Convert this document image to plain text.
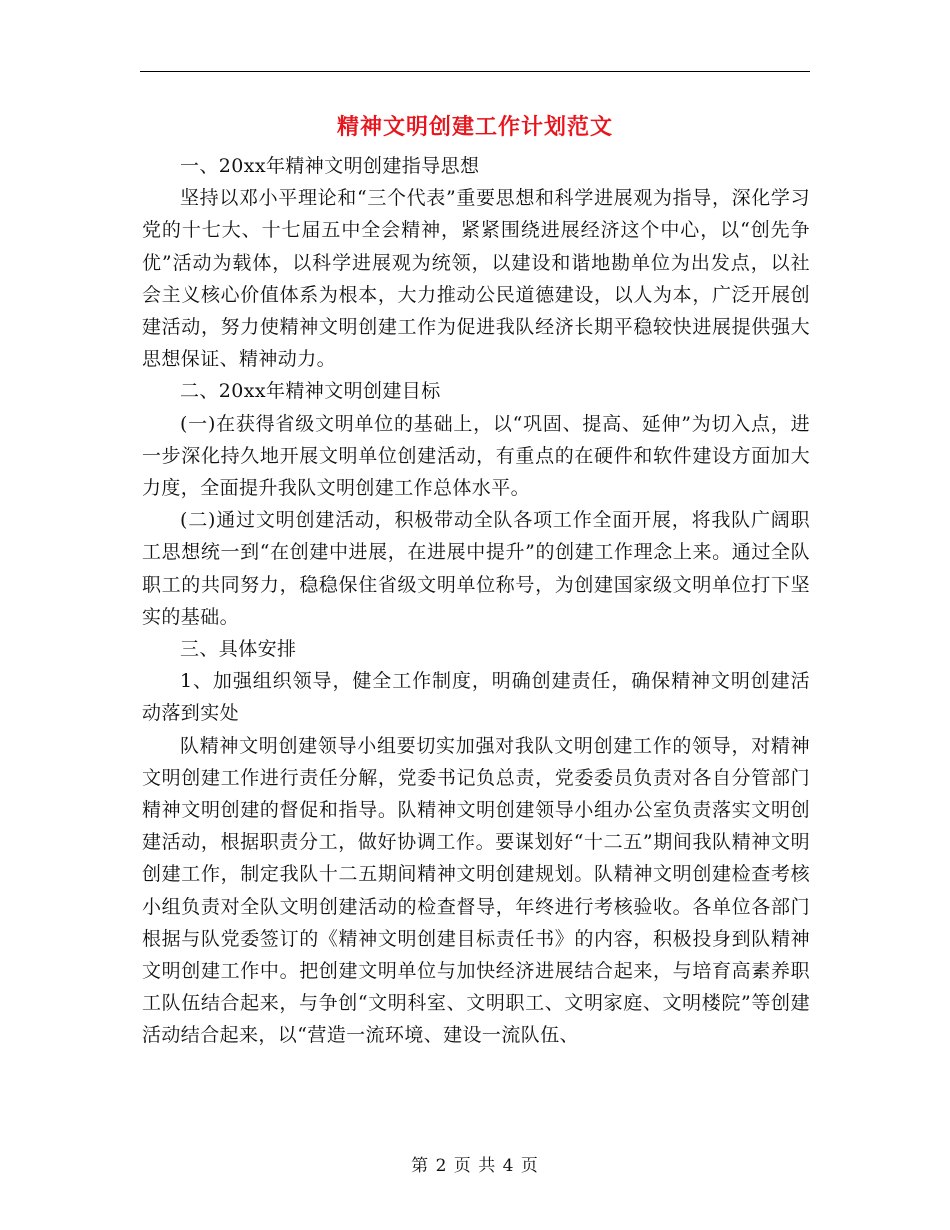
精神文明创建工作计划范文

一、20xx年精神文明创建指导思想

坚持以邓小平理论和“三个代表”重要思想和科学进展观为指导，深化学习党的十七大、十七届五中全会精神，紧紧围绕进展经济这个中心，以“创先争优”活动为载体，以科学进展观为统领，以建设和谐地勘单位为出发点，以社会主义核心价值体系为根本，大力推动公民道德建设，以人为本，广泛开展创建活动，努力使精神文明创建工作为促进我队经济长期平稳较快进展提供强大思想保证、精神动力。

二、20xx年精神文明创建目标

(一)在获得省级文明单位的基础上，以“巩固、提高、延伸”为切入点，进一步深化持久地开展文明单位创建活动，有重点的在硬件和软件建设方面加大力度，全面提升我队文明创建工作总体水平。

(二)通过文明创建活动，积极带动全队各项工作全面开展，将我队广阔职工思想统一到“在创建中进展，在进展中提升”的创建工作理念上来。通过全队职工的共同努力，稳稳保住省级文明单位称号，为创建国家级文明单位打下坚实的基础。

三、具体安排

1、加强组织领导，健全工作制度，明确创建责任，确保精神文明创建活动落到实处

队精神文明创建领导小组要切实加强对我队文明创建工作的领导，对精神文明创建工作进行责任分解，党委书记负总责，党委委员负责对各自分管部门精神文明创建的督促和指导。队精神文明创建领导小组办公室负责落实文明创建活动，根据职责分工，做好协调工作。要谋划好“十二五”期间我队精神文明创建工作，制定我队十二五期间精神文明创建规划。队精神文明创建检查考核小组负责对全队文明创建活动的检查督导，年终进行考核验收。各单位各部门根据与队党委签订的《精神文明创建目标责任书》的内容，积极投身到队精神文明创建工作中。把创建文明单位与加快经济进展结合起来，与培育高素养职工队伍结合起来，与争创“文明科室、文明职工、文明家庭、文明楼院”等创建活动结合起来，以“营造一流环境、建设一流队伍、

第 2 页 共 4 页
